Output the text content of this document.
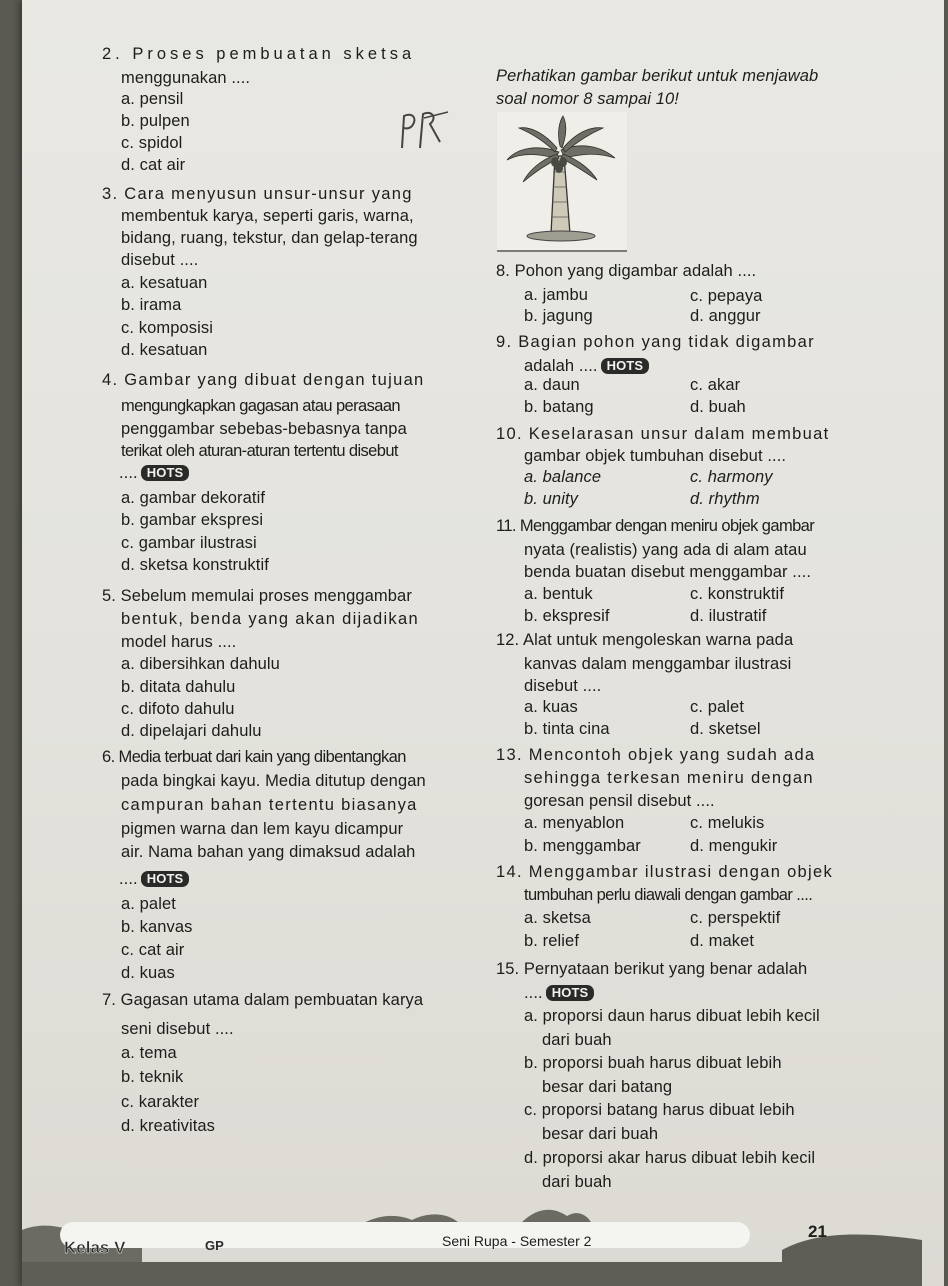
2. Proses pembuatan sketsa
menggunakan ....
a. pensil
b. pulpen
c. spidol
d. cat air
3. Cara menyusun unsur-unsur yang
membentuk karya, seperti garis, warna,
bidang, ruang, tekstur, dan gelap-terang
disebut ....
a. kesatuan
b. irama
c. komposisi
d. kesatuan
4. Gambar yang dibuat dengan tujuan
mengungkapkan gagasan atau perasaan
penggambar sebebas-bebasnya tanpa
terikat oleh aturan-aturan tertentu disebut
.... HOTS
a. gambar dekoratif
b. gambar ekspresi
c. gambar ilustrasi
d. sketsa konstruktif
5. Sebelum memulai proses menggambar
bentuk, benda yang akan dijadikan
model harus ....
a. dibersihkan dahulu
b. ditata dahulu
c. difoto dahulu
d. dipelajari dahulu
6. Media terbuat dari kain yang dibentangkan
pada bingkai kayu. Media ditutup dengan
campuran bahan tertentu biasanya
pigmen warna dan lem kayu dicampur
air. Nama bahan yang dimaksud adalah
.... HOTS
a. palet
b. kanvas
c. cat air
d. kuas
7. Gagasan utama dalam pembuatan karya
seni disebut ....
a. tema
b. teknik
c. karakter
d. kreativitas
Perhatikan gambar berikut untuk menjawab
soal nomor 8 sampai 10!
8. Pohon yang digambar adalah ....
a. jambu
b. jagung
c. pepaya
d. anggur
9. Bagian pohon yang tidak digambar
adalah .... HOTS
a. daun
b. batang
c. akar
d. buah
10. Keselarasan unsur dalam membuat
gambar objek tumbuhan disebut ....
a. balance
b. unity
c. harmony
d. rhythm
11. Menggambar dengan meniru objek gambar
nyata (realistis) yang ada di alam atau
benda buatan disebut menggambar ....
a. bentuk
b. ekspresif
c. konstruktif
d. ilustratif
12. Alat untuk mengoleskan warna pada
kanvas dalam menggambar ilustrasi
disebut ....
a. kuas
b. tinta cina
c. palet
d. sketsel
13. Mencontoh objek yang sudah ada
sehingga terkesan meniru dengan
goresan pensil disebut ....
a. menyablon
b. menggambar
c. melukis
d. mengukir
14. Menggambar ilustrasi dengan objek
tumbuhan perlu diawali dengan gambar ....
a. sketsa
b. relief
c. perspektif
d. maket
15. Pernyataan berikut yang benar adalah
.... HOTS
a. proporsi daun harus dibuat lebih kecil
dari buah
b. proporsi buah harus dibuat lebih
besar dari batang
c. proporsi batang harus dibuat lebih
besar dari buah
d. proporsi akar harus dibuat lebih kecil
dari buah
Kelas V	GP	Seni Rupa - Semester 2	21
